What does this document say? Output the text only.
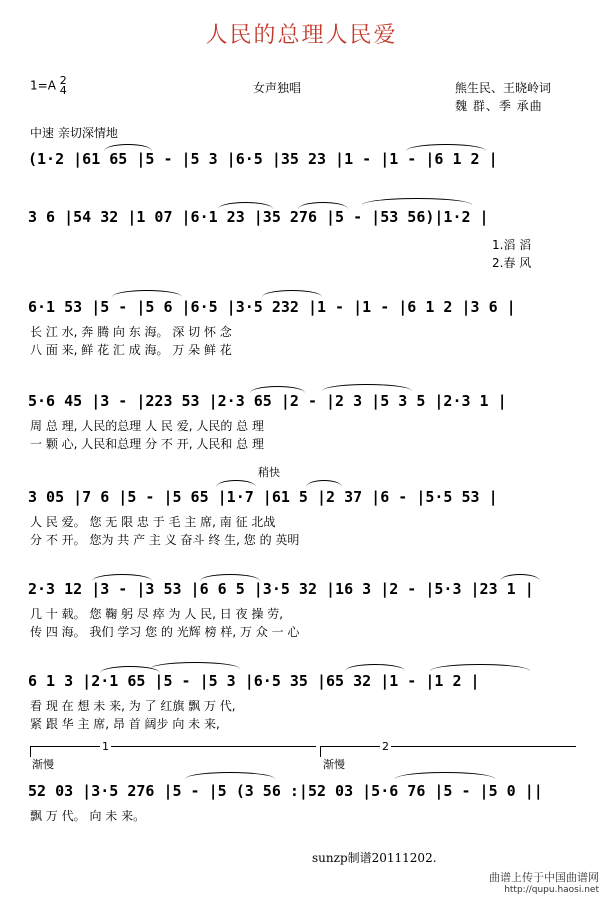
人民的总理人民爱
1=A 2
4	女声独唱	熊生民、王晓岭词
魏 群、季 承曲
中速 亲切深情地
(1·2 |61 65 |5 - |5 3 |6·5 |35 23 |1 - |1 - |6 1 2 |
3 6 |54 32 |1 07 |6·1 23 |35 276 |5 - |53 56)|1·2 |
1.滔 滔
2.春 风
6·1 53 |5 - |5 6 |6·5 |3·5 232 |1 - |1 - |6 1 2 |3 6 |
长 江 水, 奔 腾 向 东 海。 深 切 怀 念
八 面 来, 鲜 花 汇 成 海。 万 朵 鲜 花
5·6 45 |3 - |223 53 |2·3 65 |2 - |2 3 |5 3 5 |2·3 1 |
周 总 理, 人民的总理 人 民 爱, 人民的 总 理
一 颗 心, 人民和总理 分 不 开, 人民和 总 理
稍快
3 05 |7 6 |5 - |5 65 |1·7 |61 5 |2 37 |6 - |5·5 53 |
人 民 爱。 您 无 限 忠 于 毛 主 席, 南 征 北战
分 不 开。 您为 共 产 主 义 奋斗 终 生, 您 的 英明
2·3 12 |3 - |3 53 |6 6 5 |3·5 32 |16 3 |2 - |5·3 |23 1 |
几 十 载。 您 鞠 躬 尽 瘁 为 人 民, 日 夜 操 劳,
传 四 海。 我们 学习 您 的 光辉 榜 样, 万 众 一 心
6 1 3 |2·1 65 |5 - |5 3 |6·5 35 |65 32 |1 - |1 2 |
看 现 在 想 未 来, 为 了 红旗 飘 万 代,
紧 跟 华 主 席, 昂 首 阔步 向 未 来,
1	2
渐慢	渐慢
52 03 |3·5 276 |5 - |5 (3 56 :|52 03 |5·6 76 |5 - |5 0 ||
飘 万 代。 向 未 来。
sunzp制谱20111202.
曲谱上传于中国曲谱网
http://qupu.haosi.net
